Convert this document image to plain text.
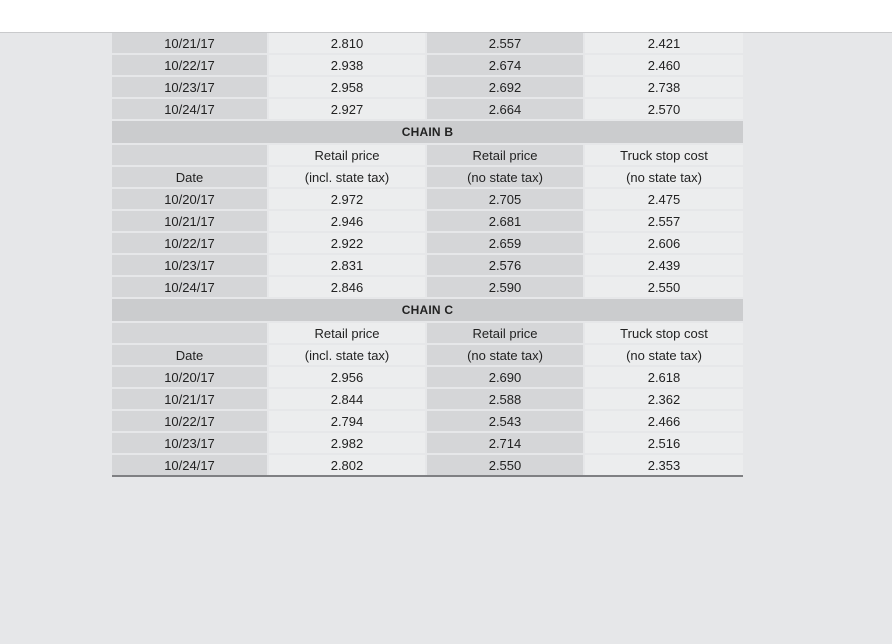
10/21/17	2.810	2.557	2.421
10/22/17	2.938	2.674	2.460
10/23/17	2.958	2.692	2.738
10/24/17	2.927	2.664	2.570
CHAIN B			
	Retail price	Retail price	Truck stop cost
Date	(incl. state tax)	(no state tax)	(no state tax)
10/20/17	2.972	2.705	2.475
10/21/17	2.946	2.681	2.557
10/22/17	2.922	2.659	2.606
10/23/17	2.831	2.576	2.439
10/24/17	2.846	2.590	2.550
CHAIN C			
	Retail price	Retail price	Truck stop cost
Date	(incl. state tax)	(no state tax)	(no state tax)
10/20/17	2.956	2.690	2.618
10/21/17	2.844	2.588	2.362
10/22/17	2.794	2.543	2.466
10/23/17	2.982	2.714	2.516
10/24/17	2.802	2.550	2.353
